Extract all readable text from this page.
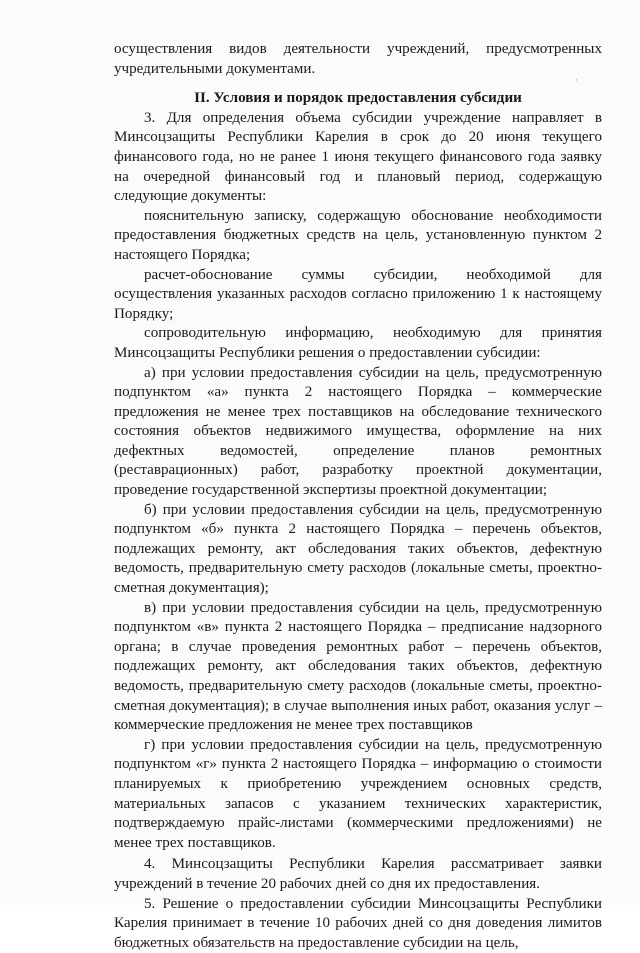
осуществления видов деятельности учреждений, предусмотренных учредительными документами.

II. Условия и порядок предоставления субсидии

3. Для определения объема субсидии учреждение направляет в Минсоцзащиты Республики Карелия в срок до 20 июня текущего финансового года, но не ранее 1 июня текущего финансового года заявку на очередной финансовый год и плановый период, содержащую следующие документы:

пояснительную записку, содержащую обоснование необходимости предоставления бюджетных средств на цель, установленную пунктом 2 настоящего Порядка;

расчет-обоснование суммы субсидии, необходимой для осуществления указанных расходов согласно приложению 1 к настоящему Порядку;

сопроводительную информацию, необходимую для принятия Минсоцзащиты Республики решения о предоставлении субсидии:

а) при условии предоставления субсидии на цель, предусмотренную подпунктом «а» пункта 2 настоящего Порядка – коммерческие предложения не менее трех поставщиков на обследование технического состояния объектов недвижимого имущества, оформление на них дефектных ведомостей, определение планов ремонтных (реставрационных) работ, разработку проектной документации, проведение государственной экспертизы проектной документации;

б) при условии предоставления субсидии на цель, предусмотренную подпунктом «б» пункта 2 настоящего Порядка – перечень объектов, подлежащих ремонту, акт обследования таких объектов, дефектную ведомость, предварительную смету расходов (локальные сметы, проектно-сметная документация);

в) при условии предоставления субсидии на цель, предусмотренную подпунктом «в» пункта 2 настоящего Порядка – предписание надзорного органа; в случае проведения ремонтных работ – перечень объектов, подлежащих ремонту, акт обследования таких объектов, дефектную ведомость, предварительную смету расходов (локальные сметы, проектно-сметная документация); в случае выполнения иных работ, оказания услуг – коммерческие предложения не менее трех поставщиков

г) при условии предоставления субсидии на цель, предусмотренную подпунктом «г» пункта 2 настоящего Порядка – информацию о стоимости планируемых к приобретению учреждением основных средств, материальных запасов с указанием технических характеристик, подтверждаемую прайс-листами (коммерческими предложениями) не менее трех поставщиков.

4. Минсоцзащиты Республики Карелия рассматривает заявки учреждений в течение 20 рабочих дней со дня их предоставления.

5. Решение о предоставлении субсидии Минсоцзащиты Республики Карелия принимает в течение 10 рабочих дней со дня доведения лимитов бюджетных обязательств на предоставление субсидии на цель,

·
